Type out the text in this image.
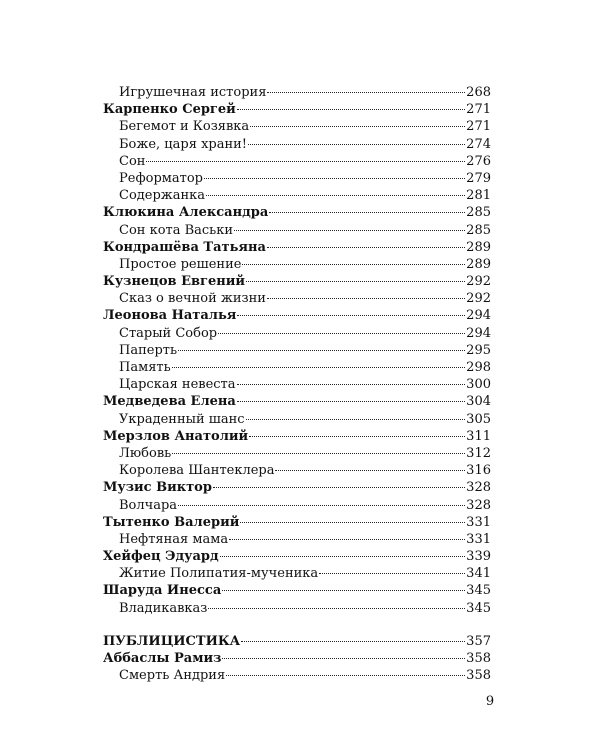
Игрушечная история	268
Карпенко Сергей	271
Бегемот и Козявка	271
Боже, царя храни!	274
Сон	276
Реформатор	279
Содержанка	281
Клюкина Александра	285
Сон кота Васьки	285
Кондрашёва Татьяна	289
Простое решение	289
Кузнецов Евгений	292
Сказ о вечной жизни	292
Леонова Наталья	294
Старый Собор	294
Паперть	295
Память	298
Царская невеста	300
Медведева Елена	304
Украденный шанс	305
Мерзлов Анатолий	311
Любовь	312
Королева Шантеклера	316
Музис Виктор	328
Волчара	328
Тытенко Валерий	331
Нефтяная мама	331
Хейфец Эдуард	339
Житие Полипатия-мученика	341
Шаруда Инесса	345
Владикавказ	345
ПУБЛИЦИСТИКА	357
Аббаслы Рамиз	358
Смерть Андрия	358
9
